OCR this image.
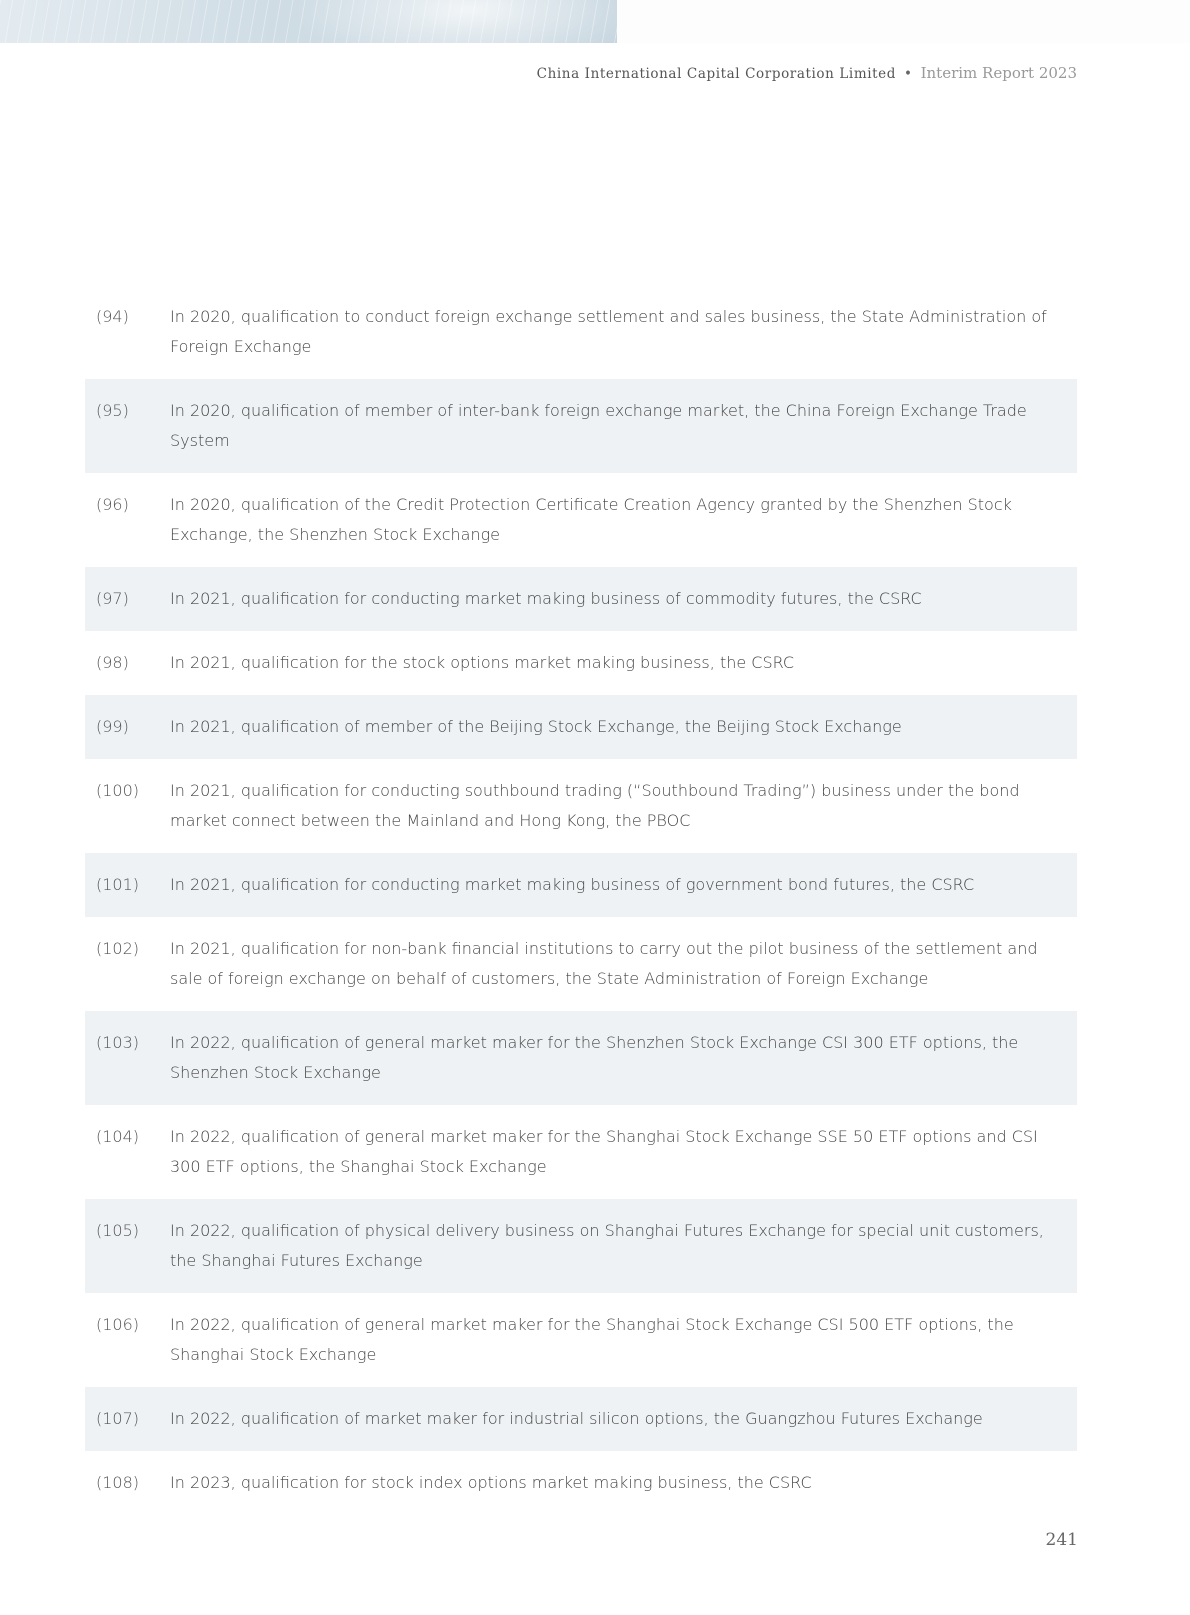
China International Capital Corporation Limited • Interim Report 2023
(94)	In 2020, qualification to conduct foreign exchange settlement and sales business, the State Administration of Foreign Exchange
(95)	In 2020, qualification of member of inter-bank foreign exchange market, the China Foreign Exchange Trade System
(96)	In 2020, qualification of the Credit Protection Certificate Creation Agency granted by the Shenzhen Stock Exchange, the Shenzhen Stock Exchange
(97)	In 2021, qualification for conducting market making business of commodity futures, the CSRC
(98)	In 2021, qualification for the stock options market making business, the CSRC
(99)	In 2021, qualification of member of the Beijing Stock Exchange, the Beijing Stock Exchange
(100)	In 2021, qualification for conducting southbound trading (“Southbound Trading”) business under the bond market connect between the Mainland and Hong Kong, the PBOC
(101)	In 2021, qualification for conducting market making business of government bond futures, the CSRC
(102)	In 2021, qualification for non-bank financial institutions to carry out the pilot business of the settlement and sale of foreign exchange on behalf of customers, the State Administration of Foreign Exchange
(103)	In 2022, qualification of general market maker for the Shenzhen Stock Exchange CSI 300 ETF options, the Shenzhen Stock Exchange
(104)	In 2022, qualification of general market maker for the Shanghai Stock Exchange SSE 50 ETF options and CSI 300 ETF options, the Shanghai Stock Exchange
(105)	In 2022, qualification of physical delivery business on Shanghai Futures Exchange for special unit customers, the Shanghai Futures Exchange
(106)	In 2022, qualification of general market maker for the Shanghai Stock Exchange CSI 500 ETF options, the Shanghai Stock Exchange
(107)	In 2022, qualification of market maker for industrial silicon options, the Guangzhou Futures Exchange
(108)	In 2023, qualification for stock index options market making business, the CSRC
241
